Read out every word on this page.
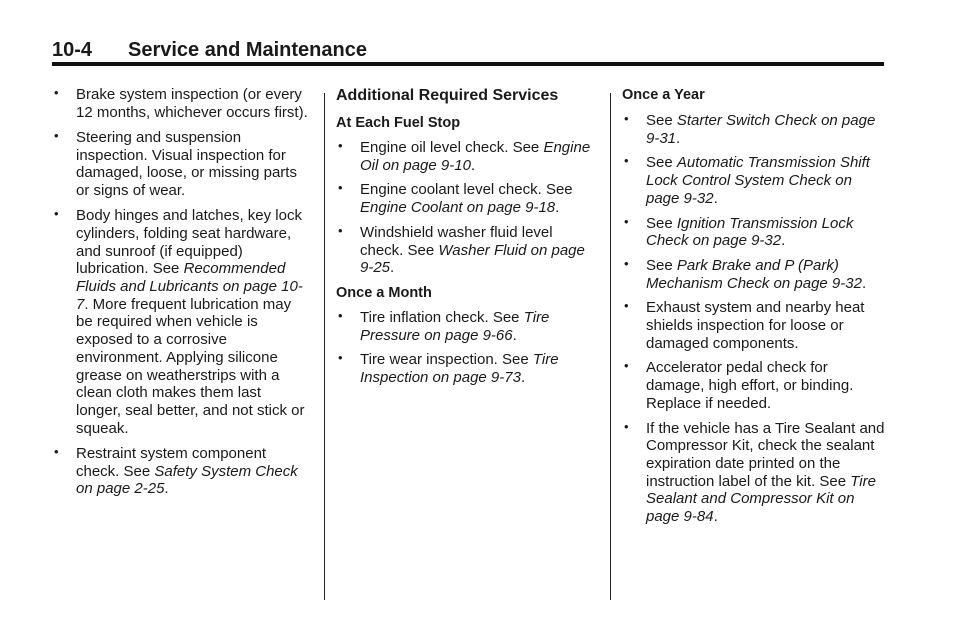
10-4 Service and Maintenance
• Brake system inspection (or every 12 months, whichever occurs first).
• Steering and suspension inspection. Visual inspection for damaged, loose, or missing parts or signs of wear.
• Body hinges and latches, key lock cylinders, folding seat hardware, and sunroof (if equipped) lubrication. See Recommended Fluids and Lubricants on page 10-7. More frequent lubrication may be required when vehicle is exposed to a corrosive environment. Applying silicone grease on weatherstrips with a clean cloth makes them last longer, seal better, and not stick or squeak.
• Restraint system component check. See Safety System Check on page 2-25.
Additional Required Services
At Each Fuel Stop
• Engine oil level check. See Engine Oil on page 9-10.
• Engine coolant level check. See Engine Coolant on page 9-18.
• Windshield washer fluid level check. See Washer Fluid on page 9-25.
Once a Month
• Tire inflation check. See Tire Pressure on page 9-66.
• Tire wear inspection. See Tire Inspection on page 9-73.
Once a Year
• See Starter Switch Check on page 9-31.
• See Automatic Transmission Shift Lock Control System Check on page 9-32.
• See Ignition Transmission Lock Check on page 9-32.
• See Park Brake and P (Park) Mechanism Check on page 9-32.
• Exhaust system and nearby heat shields inspection for loose or damaged components.
• Accelerator pedal check for damage, high effort, or binding. Replace if needed.
• If the vehicle has a Tire Sealant and Compressor Kit, check the sealant expiration date printed on the instruction label of the kit. See Tire Sealant and Compressor Kit on page 9-84.
